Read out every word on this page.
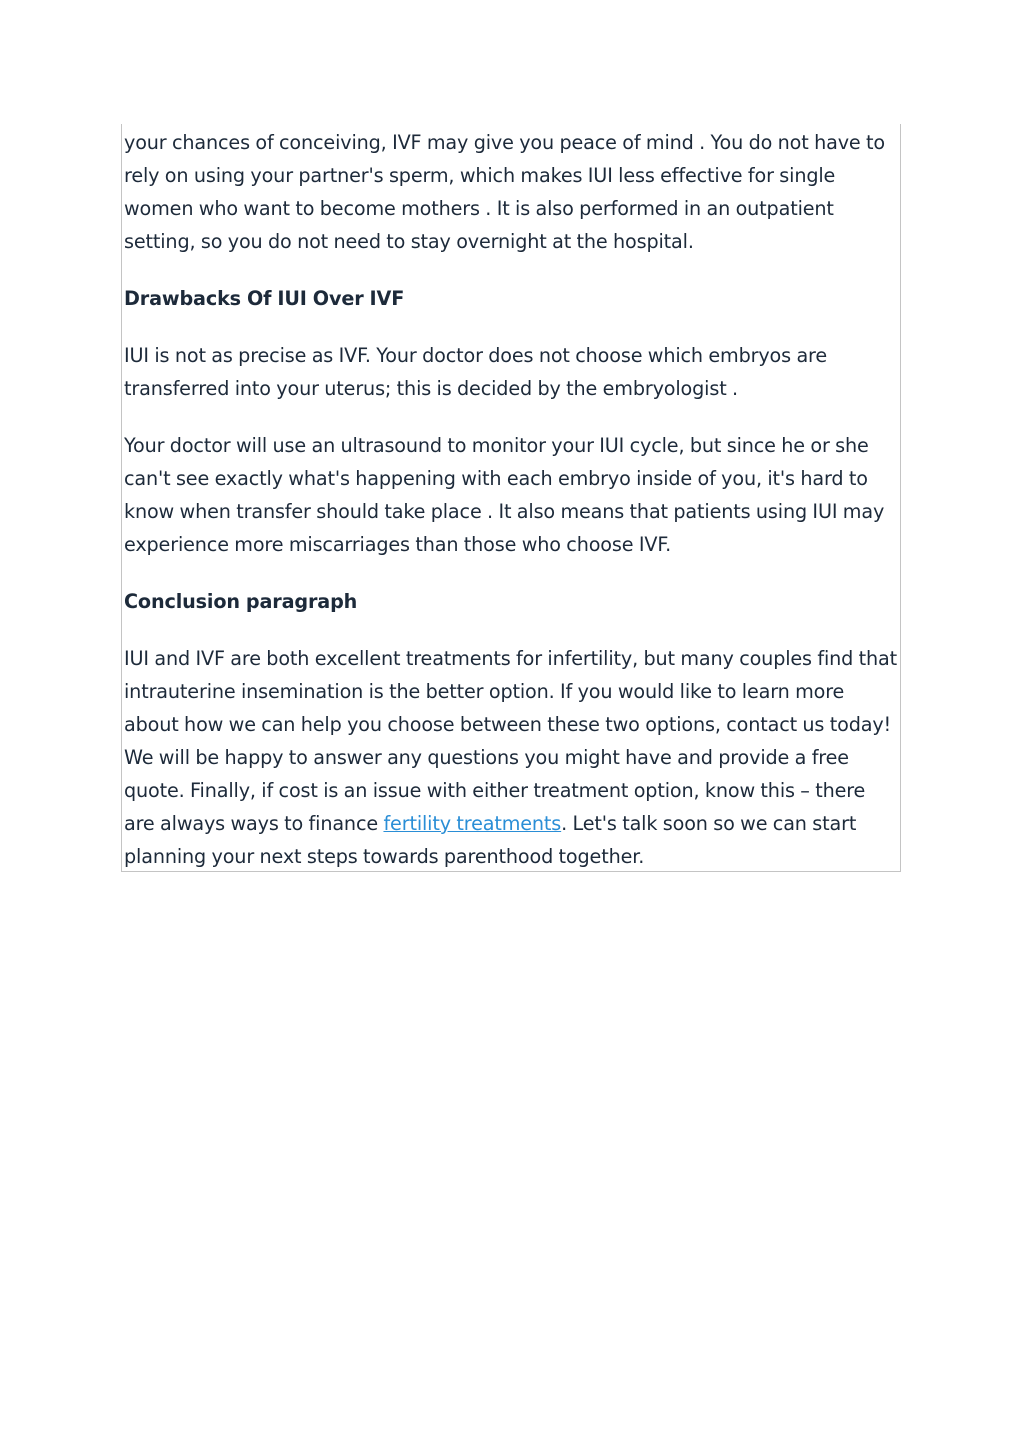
your chances of conceiving, IVF may give you peace of mind . You do not have to rely on using your partner's sperm, which makes IUI less effective for single women who want to become mothers . It is also performed in an outpatient setting, so you do not need to stay overnight at the hospital.

Drawbacks Of IUI Over IVF

IUI is not as precise as IVF. Your doctor does not choose which embryos are transferred into your uterus; this is decided by the embryologist .

Your doctor will use an ultrasound to monitor your IUI cycle, but since he or she can't see exactly what's happening with each embryo inside of you, it's hard to know when transfer should take place . It also means that patients using IUI may experience more miscarriages than those who choose IVF.

Conclusion paragraph

IUI and IVF are both excellent treatments for infertility, but many couples find that intrauterine insemination is the better option. If you would like to learn more about how we can help you choose between these two options, contact us today! We will be happy to answer any questions you might have and provide a free quote. Finally, if cost is an issue with either treatment option, know this – there are always ways to finance fertility treatments. Let's talk soon so we can start planning your next steps towards parenthood together.
